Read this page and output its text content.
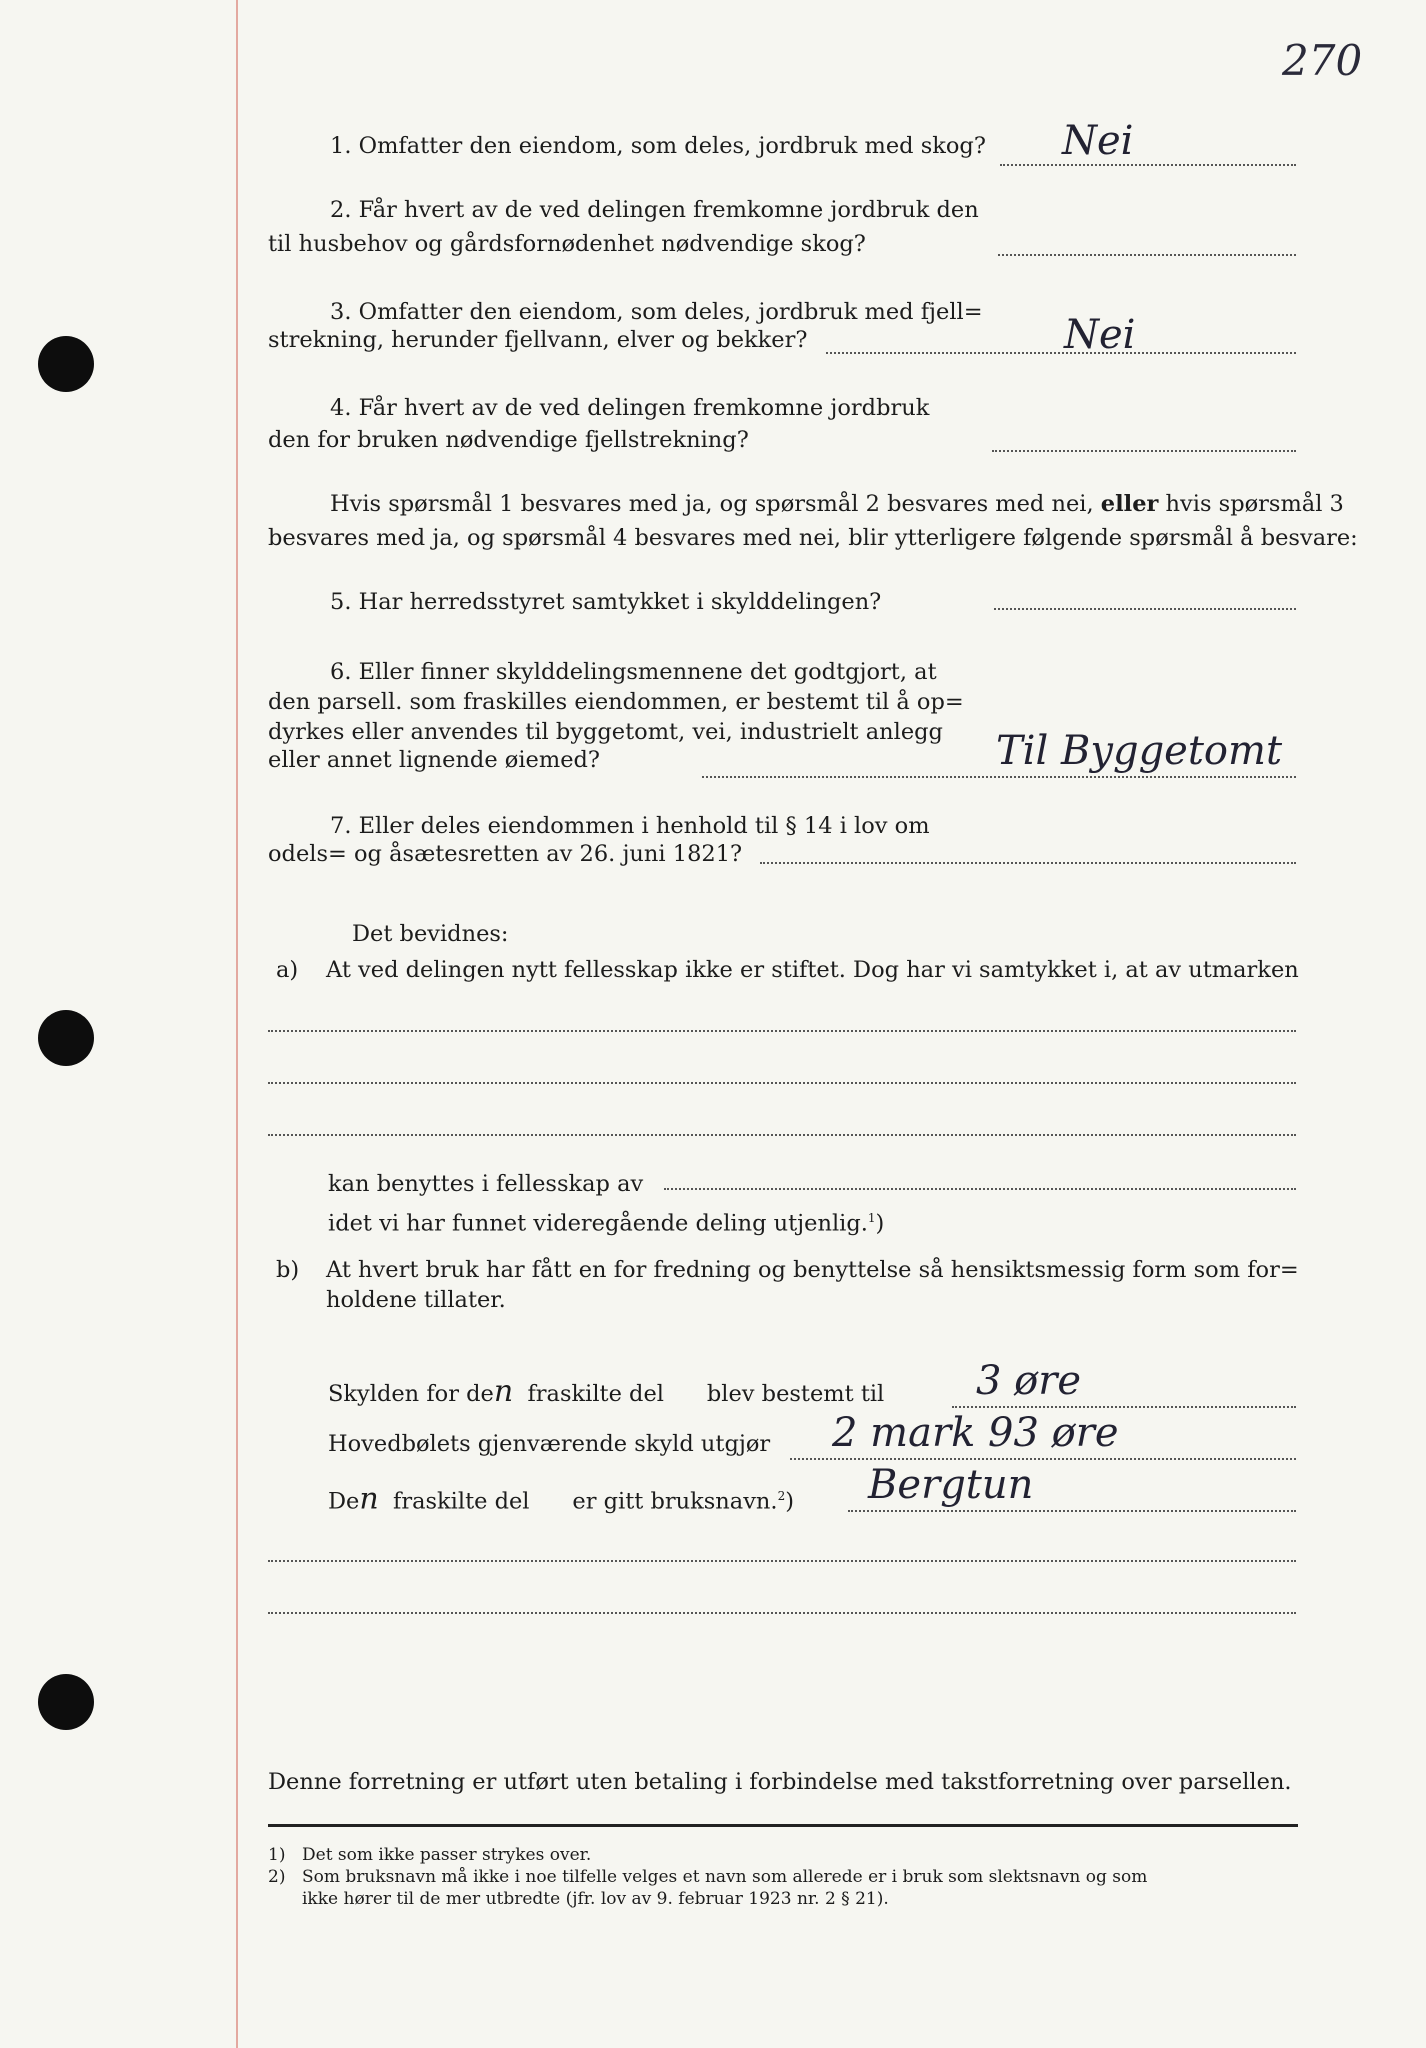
270
1. Omfatter den eiendom, som deles, jordbruk med skog? Nei
2. Får hvert av de ved delingen fremkomne jordbruk den
til husbehov og gårdsfornødenhet nødvendige skog?
3. Omfatter den eiendom, som deles, jordbruk med fjell=
strekning, herunder fjellvann, elver og bekker?	Nei
4. Får hvert av de ved delingen fremkomne jordbruk
den for bruken nødvendige fjellstrekning?
Hvis spørsmål 1 besvares med ja, og spørsmål 2 besvares med nei, eller hvis spørsmål 3
besvares med ja, og spørsmål 4 besvares med nei, blir ytterligere følgende spørsmål å besvare:
5. Har herredsstyret samtykket i skylddelingen?
6. Eller finner skylddelingsmennene det godtgjort, at
den parsell. som fraskilles eiendommen, er bestemt til å op=
dyrkes eller anvendes til byggetomt, vei, industrielt anlegg
eller annet lignende øiemed?	Til Byggetomt
7. Eller deles eiendommen i henhold til § 14 i lov om
odels= og åsætesretten av 26. juni 1821?
Det bevidnes:
a) At ved delingen nytt fellesskap ikke er stiftet. Dog har vi samtykket i, at av utmarken
kan benyttes i fellesskap av
idet vi har funnet videregående deling utjenlig.$^1$)
b) At hvert bruk har fått en for fredning og benyttelse så hensiktsmessig form som for=
holdene tillater.
Skylden for den fraskilte del blev bestemt til 3 øre
Hovedbølets gjenværende skyld utgjør 2 mark 93 øre
Den fraskilte del er gitt bruksnavn.$^2$) Bergtun
Denne forretning er utført uten betaling i forbindelse med takstforretning over parsellen.
1) Det som ikke passer strykes over.
2) Som bruksnavn må ikke i noe tilfelle velges et navn som allerede er i bruk som slektsnavn og som
ikke hører til de mer utbredte (jfr. lov av 9. februar 1923 nr. 2 § 21).
